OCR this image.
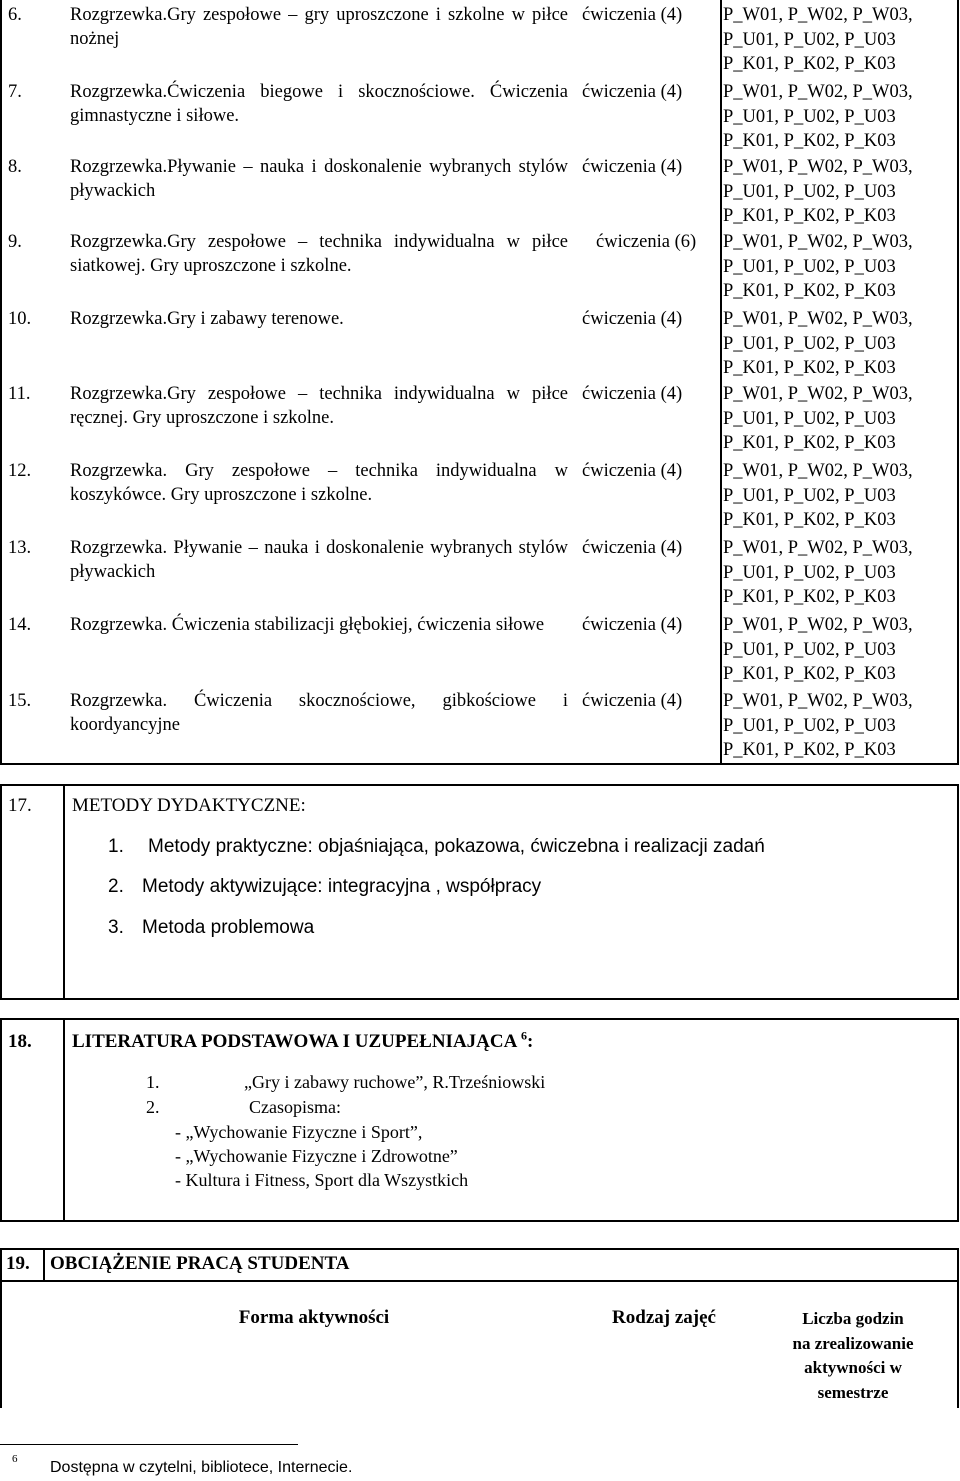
6.	Rozgrzewka.Gry zespołowe – gry uproszczone i szkolne w piłce nożnej
ćwiczenia (4)	P_W01, P_W02, P_W03,
P_U01, P_U02, P_U03
P_K01, P_K02, P_K03
7.	Rozgrzewka.Ćwiczenia biegowe i skocznościowe. Ćwiczenia gimnastyczne i siłowe.
ćwiczenia (4)	P_W01, P_W02, P_W03,
P_U01, P_U02, P_U03
P_K01, P_K02, P_K03
8.	Rozgrzewka.Pływanie – nauka i doskonalenie wybranych stylów pływackich
ćwiczenia (4)	P_W01, P_W02, P_W03,
P_U01, P_U02, P_U03
P_K01, P_K02, P_K03
9.	Rozgrzewka.Gry zespołowe – technika indywidualna w piłce siatkowej. Gry uproszczone i szkolne.
ćwiczenia (6)	P_W01, P_W02, P_W03,
P_U01, P_U02, P_U03
P_K01, P_K02, P_K03
10. Rozgrzewka.Gry i zabawy terenowe.	ćwiczenia (4)	P_W01, P_W02, P_W03,
P_U01, P_U02, P_U03
P_K01, P_K02, P_K03
11. Rozgrzewka.Gry zespołowe – technika indywidualna w piłce ręcznej. Gry uproszczone i szkolne.
ćwiczenia (4)	P_W01, P_W02, P_W03,
P_U01, P_U02, P_U03
P_K01, P_K02, P_K03
12. Rozgrzewka. Gry zespołowe – technika indywidualna w koszykówce. Gry uproszczone i szkolne.
ćwiczenia (4)	P_W01, P_W02, P_W03,
P_U01, P_U02, P_U03
P_K01, P_K02, P_K03
13. Rozgrzewka. Pływanie – nauka i doskonalenie wybranych stylów pływackich
ćwiczenia (4)	P_W01, P_W02, P_W03,
P_U01, P_U02, P_U03
P_K01, P_K02, P_K03
14. Rozgrzewka. Ćwiczenia stabilizacji głębokiej, ćwiczenia siłowe	ćwiczenia (4)	P_W01, P_W02, P_W03,
P_U01, P_U02, P_U03
P_K01, P_K02, P_K03
15. Rozgrzewka. Ćwiczenia skocznościowe, gibkościowe i koordyancyjne
ćwiczenia (4)	P_W01, P_W02, P_W03,
P_U01, P_U02, P_U03
P_K01, P_K02, P_K03
17. METODY DYDAKTYCZNE:
1. Metody praktyczne: objaśniająca, pokazowa, ćwiczebna i realizacji zadań
2. Metody aktywizujące: integracyjna , współpracy
3. Metoda problemowa
18. LITERATURA PODSTAWOWA I UZUPEŁNIAJĄCA $^6$:
1.	„Gry i zabawy ruchowe”, R.Trześniowski
2.	Czasopisma:
- „Wychowanie Fizyczne i Sport”,
- „Wychowanie Fizyczne i Zdrowotne”
- Kultura i Fitness, Sport dla Wszystkich
19. OBCIĄŻENIE PRACĄ STUDENTA
Forma aktywności	Rodzaj zajęć	Liczba godzin
na zrealizowanie
aktywności w
semestrze
6 Dostępna w czytelni, bibliotece, Internecie.
